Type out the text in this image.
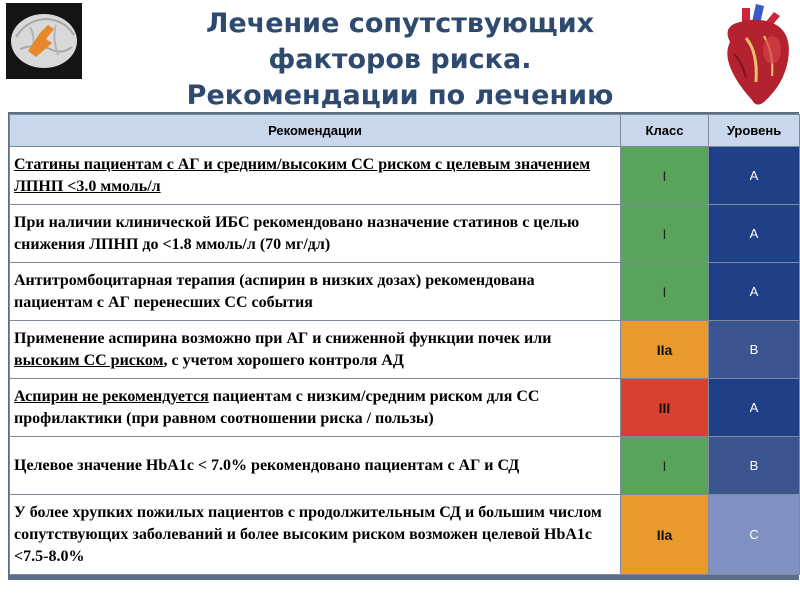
Лечение сопутствующих
факторов риска.
Рекомендации по лечению
Рекомендации	Класс	Уровень
Статины пациентам с АГ и средним/высоким СС риском с целевым значением ЛПНП <3.0 ммоль/л	I	A
При наличии клинической ИБС рекомендовано назначение статинов с целью снижения ЛПНП до <1.8 ммоль/л (70 мг/дл)	I	A
Антитромбоцитарная терапия (аспирин в низких дозах) рекомендована пациентам с АГ перенесших СС события	I	A
Применение аспирина возможно при АГ и сниженной функции почек или высоким СС риском, с учетом хорошего контроля АД	IIa	B
Аспирин не рекомендуется пациентам с низким/средним риском для СС профилактики (при равном соотношении риска / пользы)	III	A
Целевое значение HbA1c < 7.0% рекомендовано пациентам с АГ и СД	I	B
У более хрупких пожилых пациентов с продолжительным СД и большим числом сопутствующих заболеваний и более высоким риском возможен целевой HbA1c <7.5-8.0%	IIa	C
